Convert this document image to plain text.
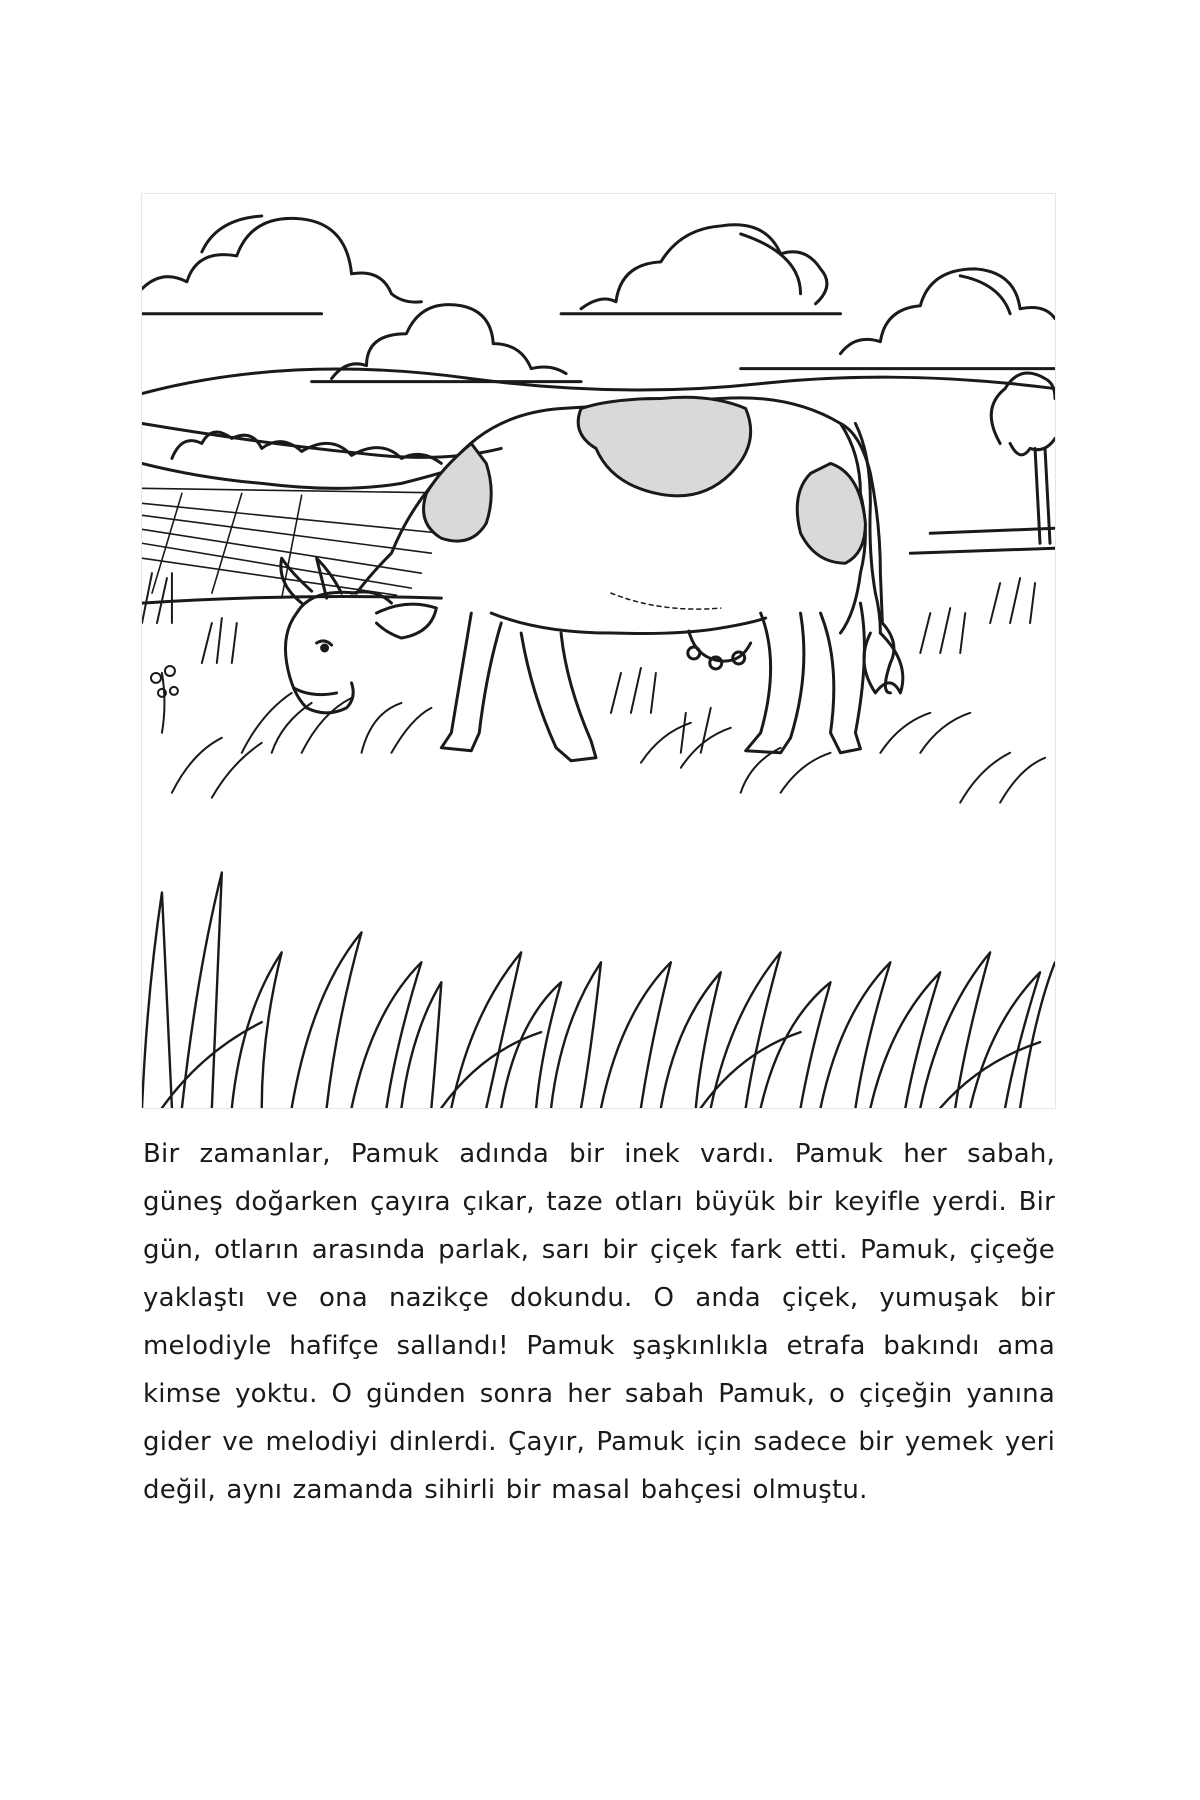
Bir zamanlar, Pamuk adında bir inek vardı. Pamuk her sabah, güneş doğarken çayıra çıkar, taze otları büyük bir keyifle yerdi. Bir gün, otların arasında parlak, sarı bir çiçek fark etti. Pamuk, çiçeğe yaklaştı ve ona nazikçe dokundu. O anda çiçek, yumuşak bir melodiyle hafifçe sallandı! Pamuk şaşkınlıkla etrafa bakındı ama kimse yoktu. O günden sonra her sabah Pamuk, o çiçeğin yanına gider ve melodiyi dinlerdi. Çayır, Pamuk için sadece bir yemek yeri değil, aynı zamanda sihirli bir masal bahçesi olmuştu.
